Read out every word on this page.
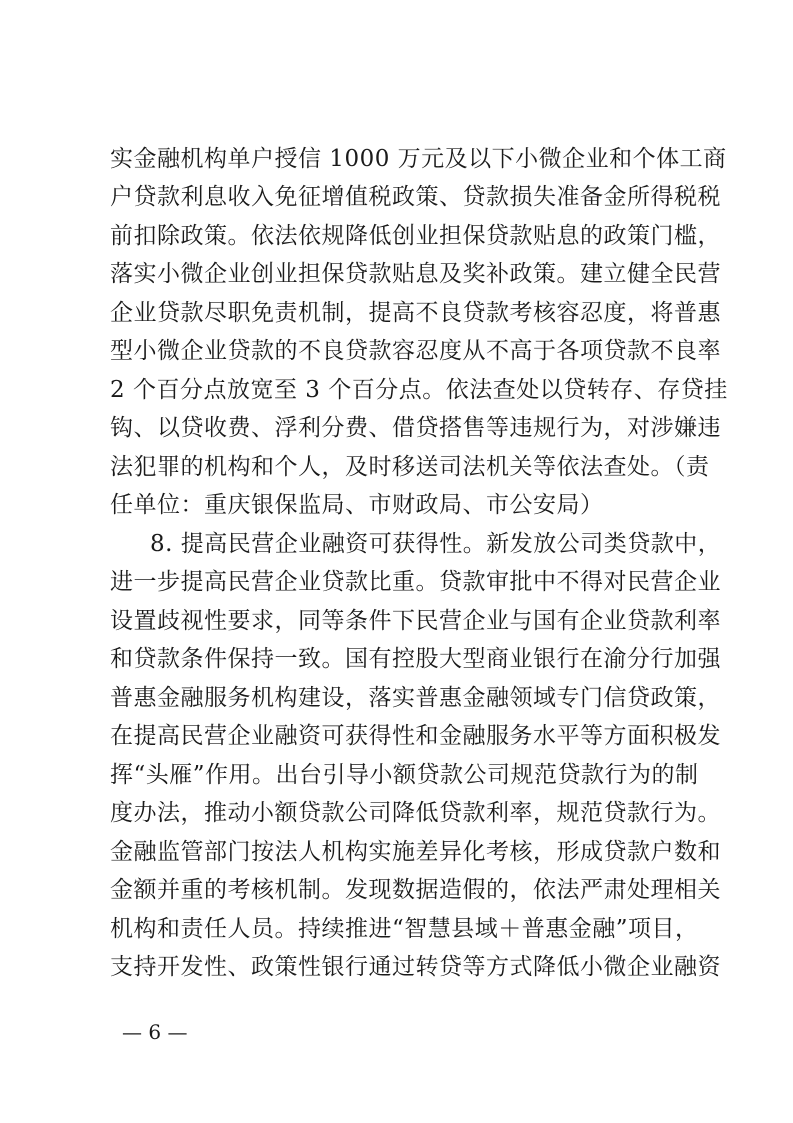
实金融机构单户授信 1000 万元及以下小微企业和个体工商
户贷款利息收入免征增值税政策、贷款损失准备金所得税税
前扣除政策。依法依规降低创业担保贷款贴息的政策门槛，
落实小微企业创业担保贷款贴息及奖补政策。建立健全民营
企业贷款尽职免责机制，提高不良贷款考核容忍度，将普惠
型小微企业贷款的不良贷款容忍度从不高于各项贷款不良率
2 个百分点放宽至 3 个百分点。依法查处以贷转存、存贷挂
钩、以贷收费、浮利分费、借贷搭售等违规行为，对涉嫌违
法犯罪的机构和个人，及时移送司法机关等依法查处。（责
任单位：重庆银保监局、市财政局、市公安局）
8. 提高民营企业融资可获得性。新发放公司类贷款中，
进一步提高民营企业贷款比重。贷款审批中不得对民营企业
设置歧视性要求，同等条件下民营企业与国有企业贷款利率
和贷款条件保持一致。国有控股大型商业银行在渝分行加强
普惠金融服务机构建设，落实普惠金融领域专门信贷政策，
在提高民营企业融资可获得性和金融服务水平等方面积极发
挥“头雁”作用。出台引导小额贷款公司规范贷款行为的制
度办法，推动小额贷款公司降低贷款利率，规范贷款行为。
金融监管部门按法人机构实施差异化考核，形成贷款户数和
金额并重的考核机制。发现数据造假的，依法严肃处理相关
机构和责任人员。持续推进“智慧县域＋普惠金融”项目，
支持开发性、政策性银行通过转贷等方式降低小微企业融资
— 6 —
